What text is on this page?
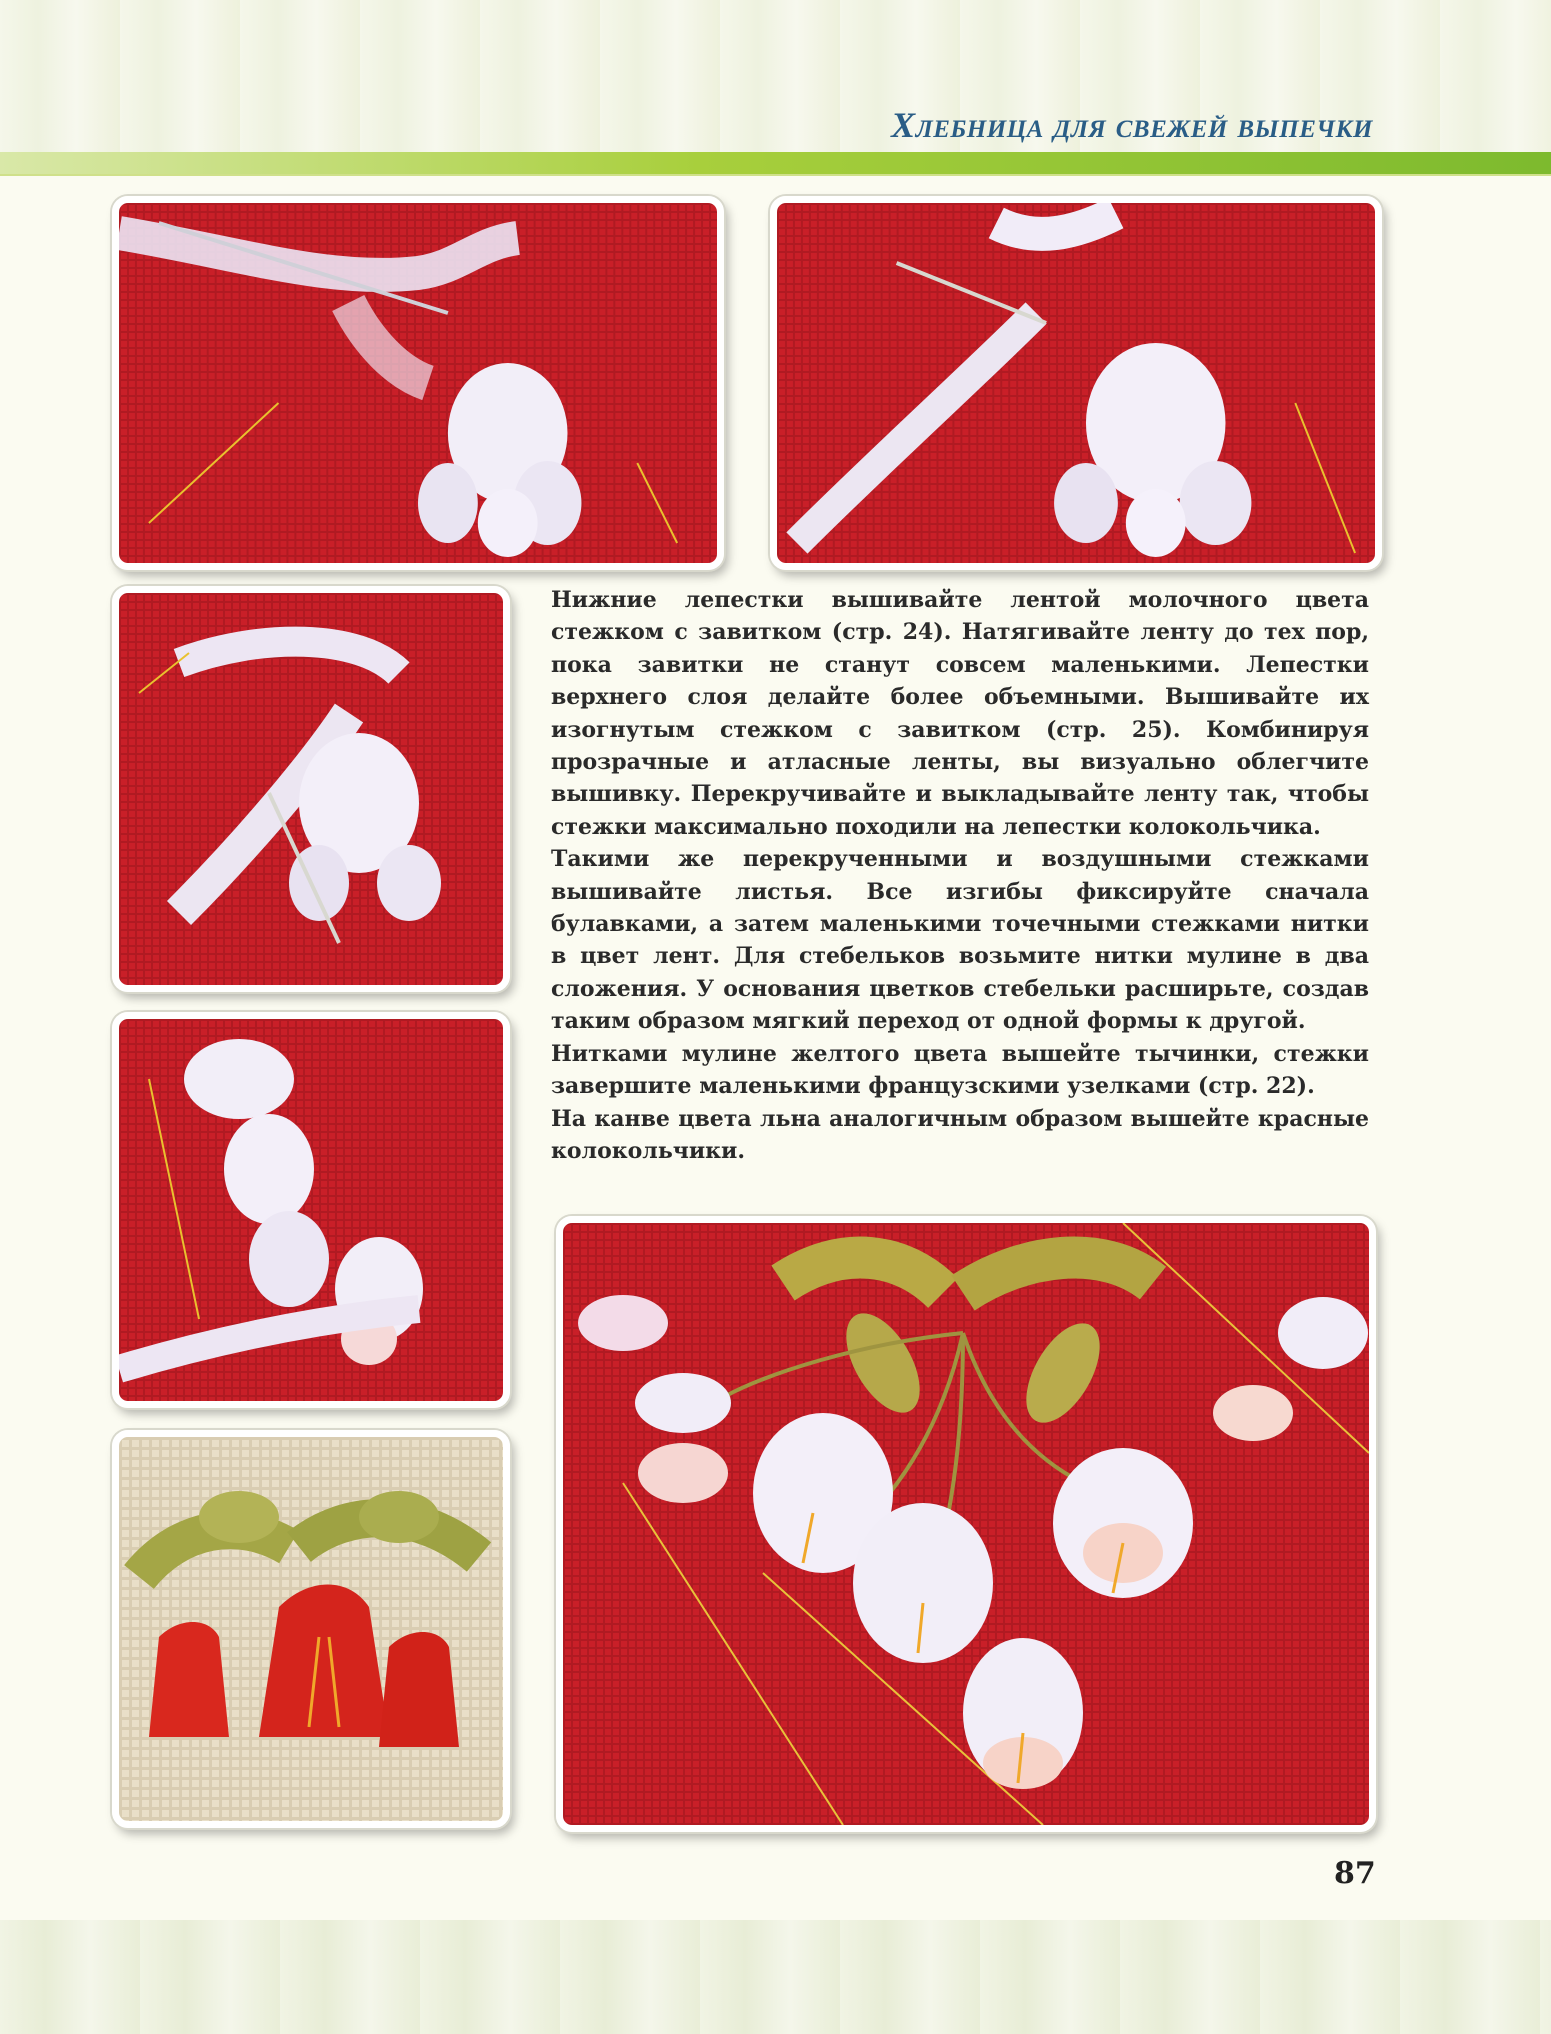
Хлебница для свежей выпечки

Нижние лепестки вышивайте лентой молочного цвета стежком с завитком (стр. 24). Натягивайте ленту до тех пор, пока завитки не станут совсем маленькими. Лепестки верхнего слоя делайте более объемными. Вышивайте их изогнутым стежком с завитком (стр. 25). Комбинируя прозрачные и атласные ленты, вы визуально облегчите вышивку. Перекручивайте и выкладывайте ленту так, чтобы стежки максимально походили на лепестки колокольчика.

Такими же перекрученными и воздушными стежками вышивайте листья. Все изгибы фиксируйте сначала булавками, а затем маленькими точечными стежками нитки в цвет лент. Для стебельков возьмите нитки мулине в два сложения. У основания цветков стебельки расширьте, создав таким образом мягкий переход от одной формы к другой.

Нитками мулине желтого цвета вышейте тычинки, стежки завершите маленькими французскими узелками (стр. 22).

На канве цвета льна аналогичным образом вышейте красные колокольчики.

87
